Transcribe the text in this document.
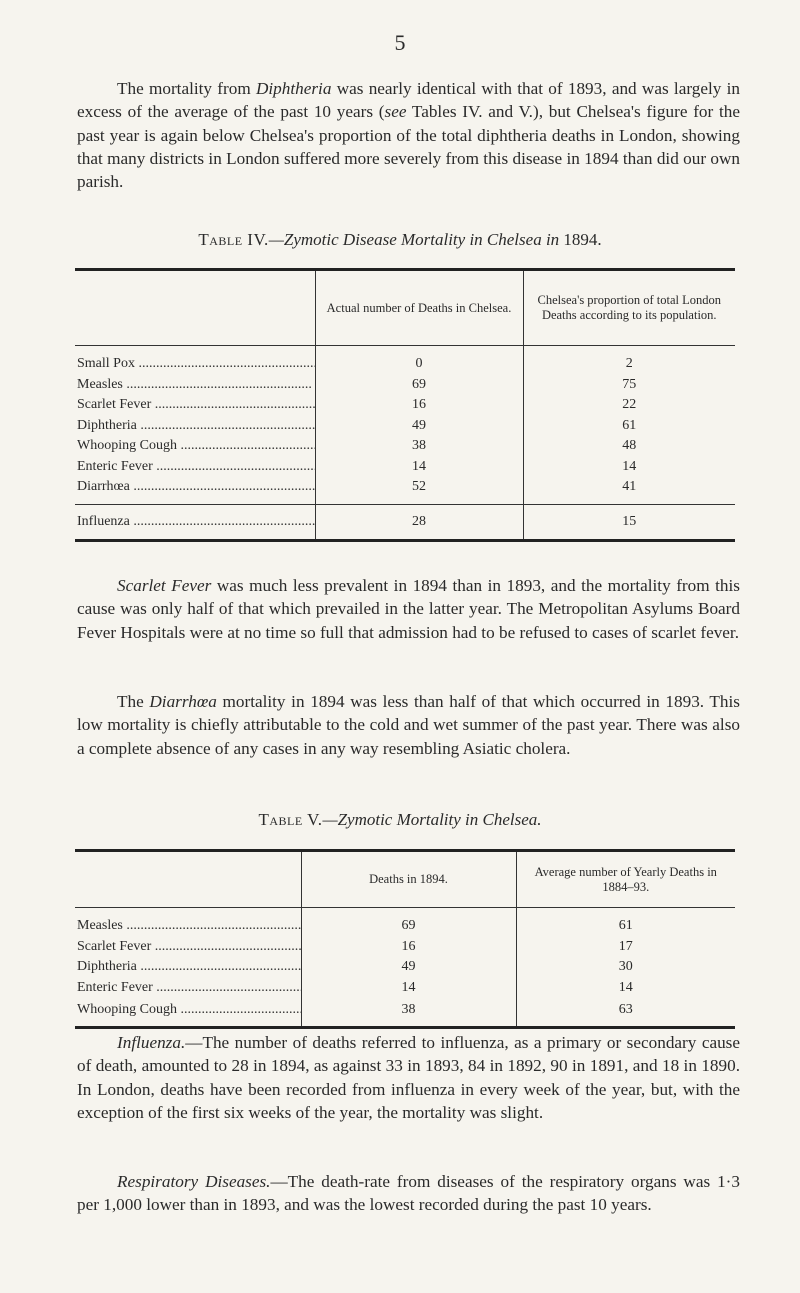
5

The mortality from Diphtheria was nearly identical with that of 1893, and was largely in excess of the average of the past 10 years (see Tables IV. and V.), but Chelsea's figure for the past year is again below Chelsea's proportion of the total diphtheria deaths in London, showing that many districts in London suffered more severely from this disease in 1894 than did our own parish.

Table IV.—Zymotic Disease Mortality in Chelsea in 1894.

	Actual number of Deaths in Chelsea.	Chelsea's proportion of total London Deaths according to its population.

Small Pox .....	0	2
Measles .....	69	75
Scarlet Fever .....	16	22
Diphtheria .....	49	61
Whooping Cough .....	38	48
Enteric Fever .....	14	14
Diarrhœa .....	52	41

Influenza .....	28	15

Scarlet Fever was much less prevalent in 1894 than in 1893, and the mortality from this cause was only half of that which prevailed in the latter year. The Metropolitan Asylums Board Fever Hospitals were at no time so full that admission had to be refused to cases of scarlet fever.

The Diarrhœa mortality in 1894 was less than half of that which occurred in 1893. This low mortality is chiefly attributable to the cold and wet summer of the past year. There was also a complete absence of any cases in any way resembling Asiatic cholera.

Table V.—Zymotic Mortality in Chelsea.

	Deaths in 1894.	Average number of Yearly Deaths in 1884–93.

Measles .....	69	61
Scarlet Fever .....	16	17
Diphtheria .....	49	30
Enteric Fever .....	14	14
Whooping Cough .....	38	63

Influenza.—The number of deaths referred to influenza, as a primary or secondary cause of death, amounted to 28 in 1894, as against 33 in 1893, 84 in 1892, 90 in 1891, and 18 in 1890. In London, deaths have been recorded from influenza in every week of the year, but, with the exception of the first six weeks of the year, the mortality was slight.

Respiratory Diseases.—The death-rate from diseases of the respiratory organs was 1·3 per 1,000 lower than in 1893, and was the lowest recorded during the past 10 years.
